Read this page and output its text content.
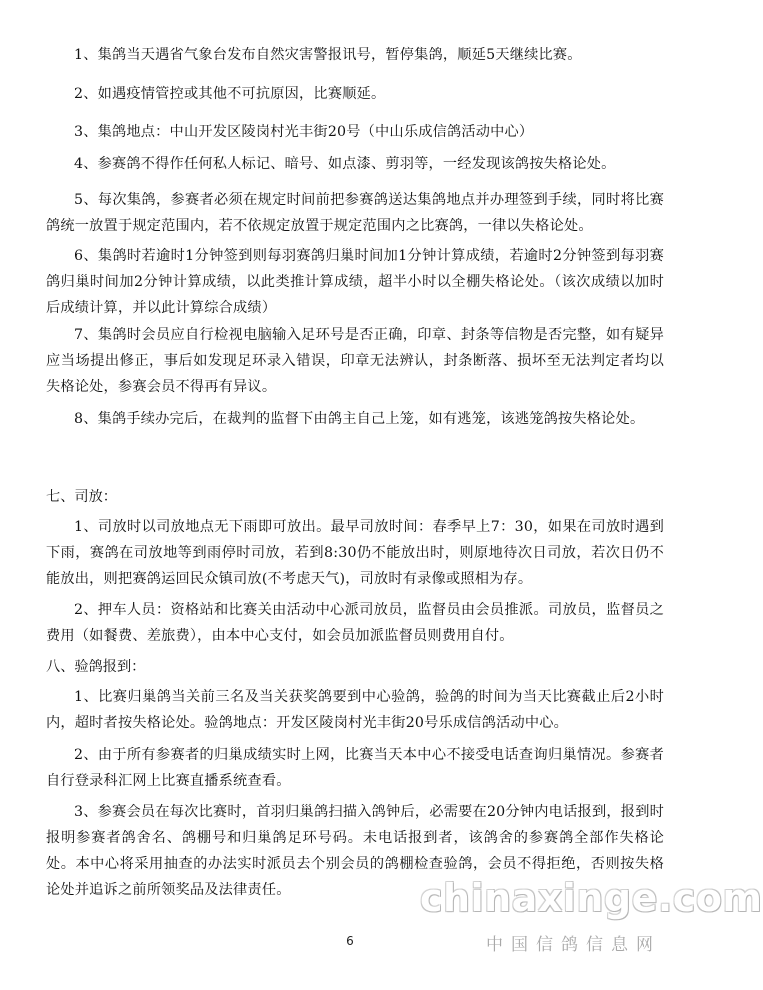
1、集鸽当天遇省气象台发布自然灾害警报讯号，暂停集鸽，顺延5天继续比赛。

2、如遇疫情管控或其他不可抗原因，比赛顺延。

3、集鸽地点：中山开发区陵岗村光丰街20号（中山乐成信鸽活动中心）

4、参赛鸽不得作任何私人标记、暗号、如点漆、剪羽等，一经发现该鸽按失格论处。

5、每次集鸽，参赛者必须在规定时间前把参赛鸽送达集鸽地点并办理签到手续，同时将比赛鸽统一放置于规定范围内，若不依规定放置于规定范围内之比赛鸽，一律以失格论处。

6、集鸽时若逾时1分钟签到则每羽赛鸽归巢时间加1分钟计算成绩，若逾时2分钟签到每羽赛鸽归巢时间加2分钟计算成绩，以此类推计算成绩，超半小时以全棚失格论处。（该次成绩以加时后成绩计算，并以此计算综合成绩）

7、集鸽时会员应自行检视电脑输入足环号是否正确，印章、封条等信物是否完整，如有疑异应当场提出修正，事后如发现足环录入错误，印章无法辨认，封条断落、损坏至无法判定者均以失格论处，参赛会员不得再有异议。

8、集鸽手续办完后，在裁判的监督下由鸽主自己上笼，如有逃笼，该逃笼鸽按失格论处。

七、司放：

1、司放时以司放地点无下雨即可放出。最早司放时间：春季早上7：30，如果在司放时遇到下雨，赛鸽在司放地等到雨停时司放，若到8:30仍不能放出时，则原地待次日司放，若次日仍不能放出，则把赛鸽运回民众镇司放(不考虑天气)，司放时有录像或照相为存。

2、押车人员：资格站和比赛关由活动中心派司放员，监督员由会员推派。司放员，监督员之费用（如餐费、差旅费），由本中心支付，如会员加派监督员则费用自付。

八、验鸽报到：

1、比赛归巢鸽当关前三名及当关获奖鸽要到中心验鸽，验鸽的时间为当天比赛截止后2小时内，超时者按失格论处。验鸽地点：开发区陵岗村光丰街20号乐成信鸽活动中心。

2、由于所有参赛者的归巢成绩实时上网，比赛当天本中心不接受电话查询归巢情况。参赛者自行登录科汇网上比赛直播系统查看。

3、参赛会员在每次比赛时，首羽归巢鸽扫描入鸽钟后，必需要在20分钟内电话报到，报到时报明参赛者鸽舍名、鸽棚号和归巢鸽足环号码。未电话报到者，该鸽舍的参赛鸽全部作失格论处。本中心将采用抽查的办法实时派员去个别会员的鸽棚检查验鸽，会员不得拒绝，否则按失格论处并追诉之前所领奖品及法律责任。	chinaxinge.com
6	中国信鸽信息网
